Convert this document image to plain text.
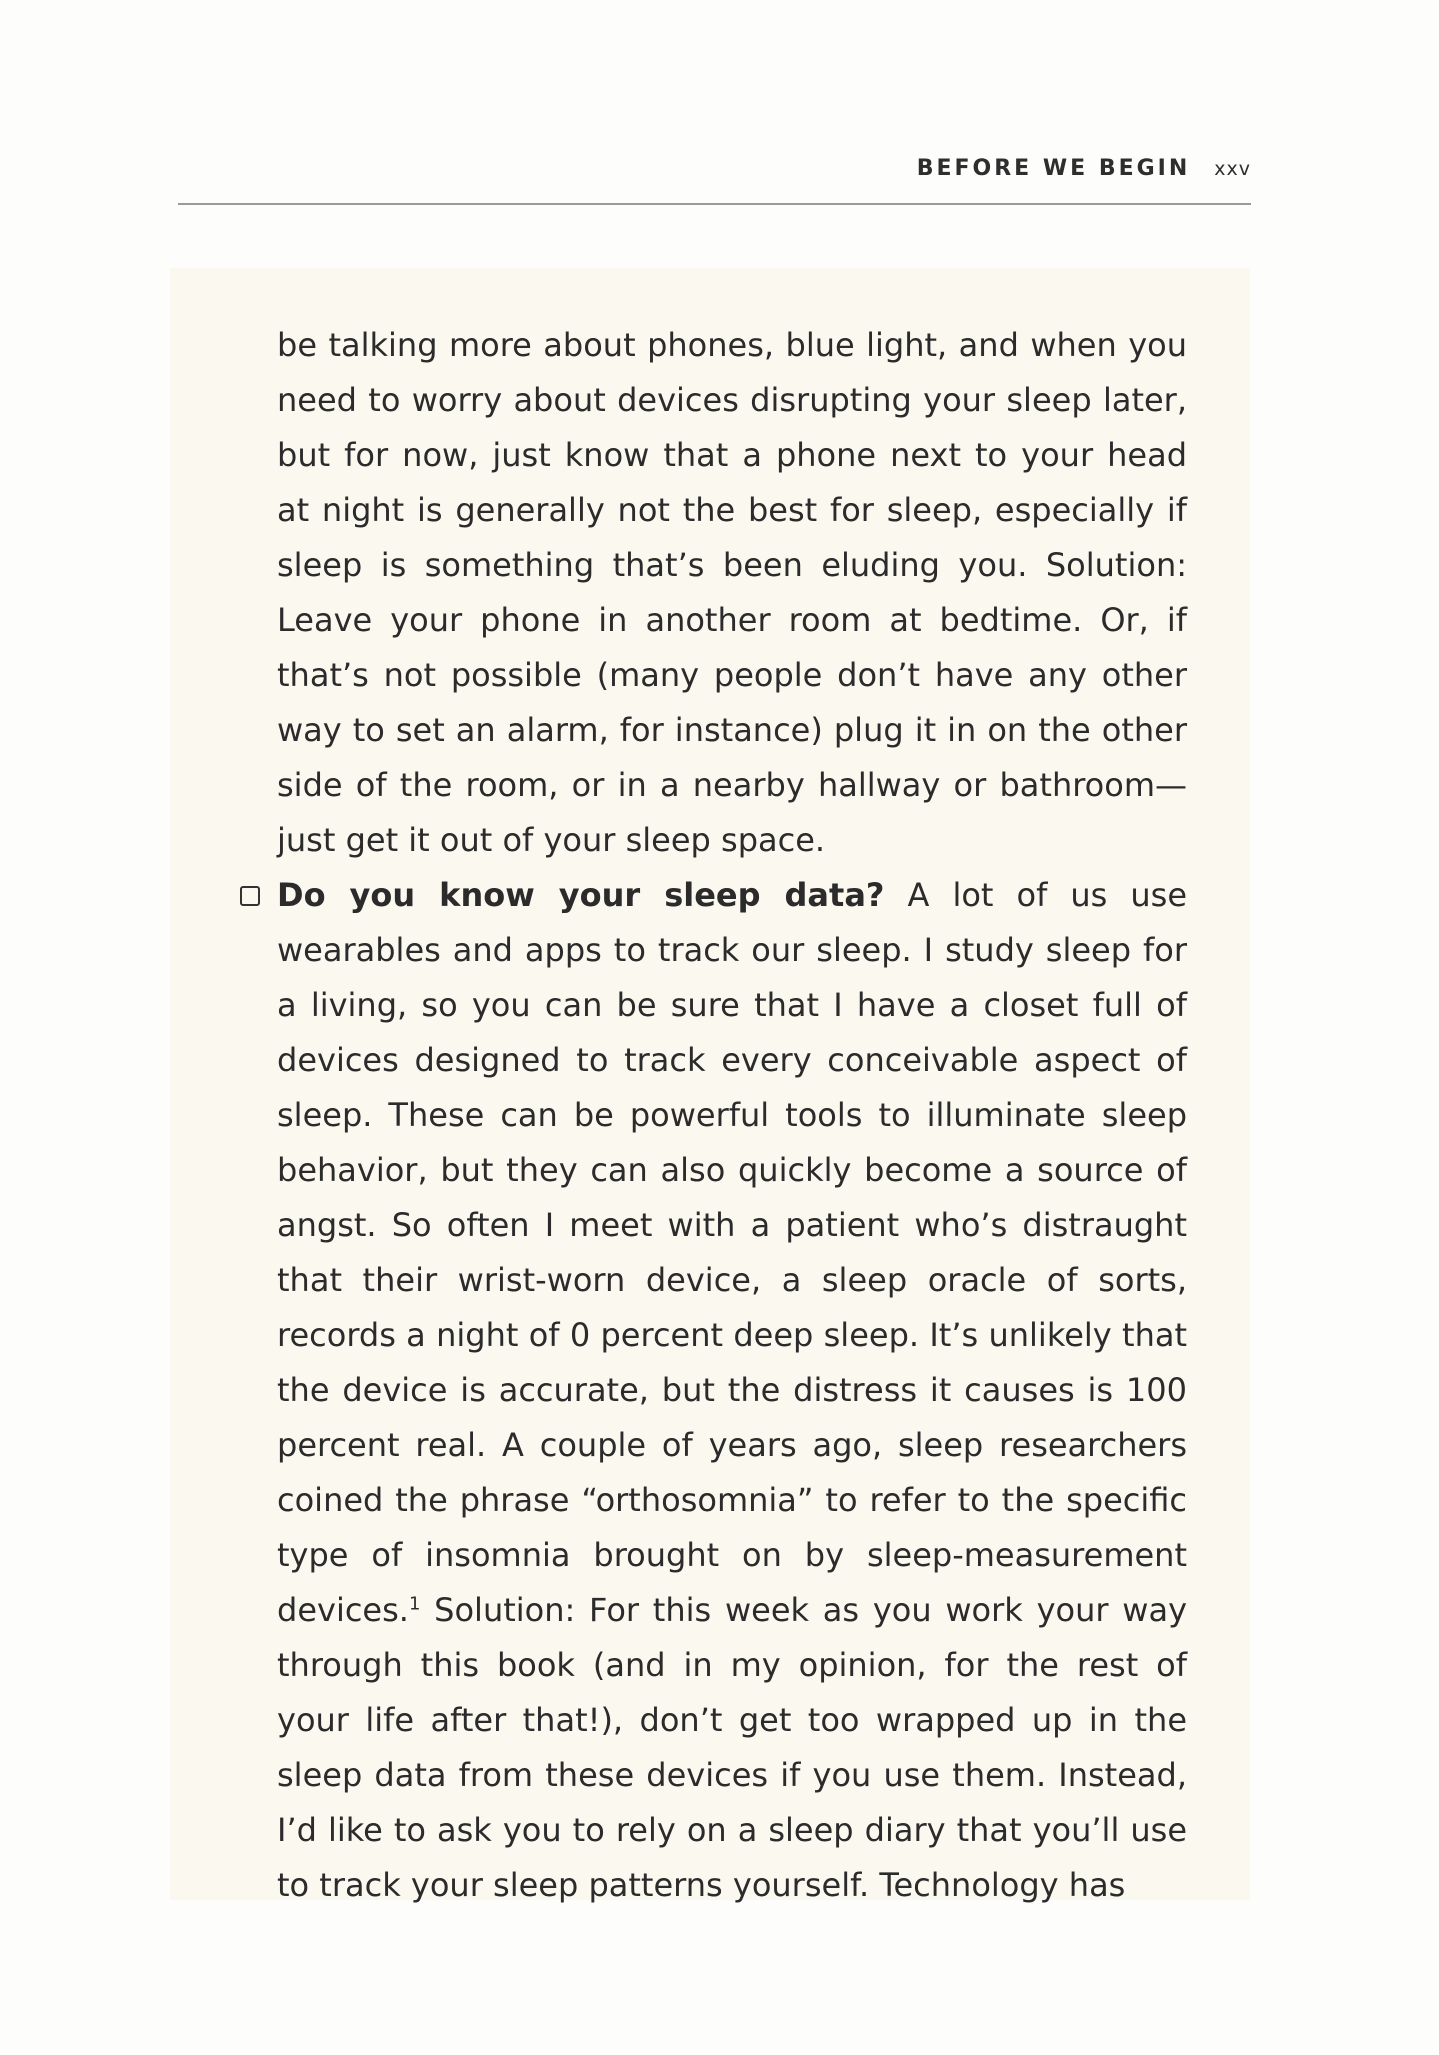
BEFORE WE BEGIN xxv

be talking more about phones, blue light, and when you need to worry about devices disrupting your sleep later, but for now, just know that a phone next to your head at night is generally not the best for sleep, especially if sleep is something that’s been eluding you. Solution: Leave your phone in another room at bedtime. Or, if that’s not possible (many people don’t have any other way to set an alarm, for instance) plug it in on the other side of the room, or in a nearby hallway or bathroom—just get it out of your sleep space.

Do you know your sleep data? A lot of us use wearables and apps to track our sleep. I study sleep for a living, so you can be sure that I have a closet full of devices designed to track every conceivable aspect of sleep. These can be powerful tools to illuminate sleep behavior, but they can also quickly become a source of angst. So often I meet with a patient who’s distraught that their wrist-worn device, a sleep oracle of sorts, records a night of 0 percent deep sleep. It’s unlikely that the device is accurate, but the distress it causes is 100 percent real. A couple of years ago, sleep researchers coined the phrase “orthosomnia” to refer to the specific type of insomnia brought on by sleep-measurement devices.$^1$ Solution: For this week as you work your way through this book (and in my opinion, for the rest of your life after that!), don’t get too wrapped up in the sleep data from these devices if you use them. Instead, I’d like to ask you to rely on a sleep diary that you’ll use to track your sleep patterns yourself. Technology has
